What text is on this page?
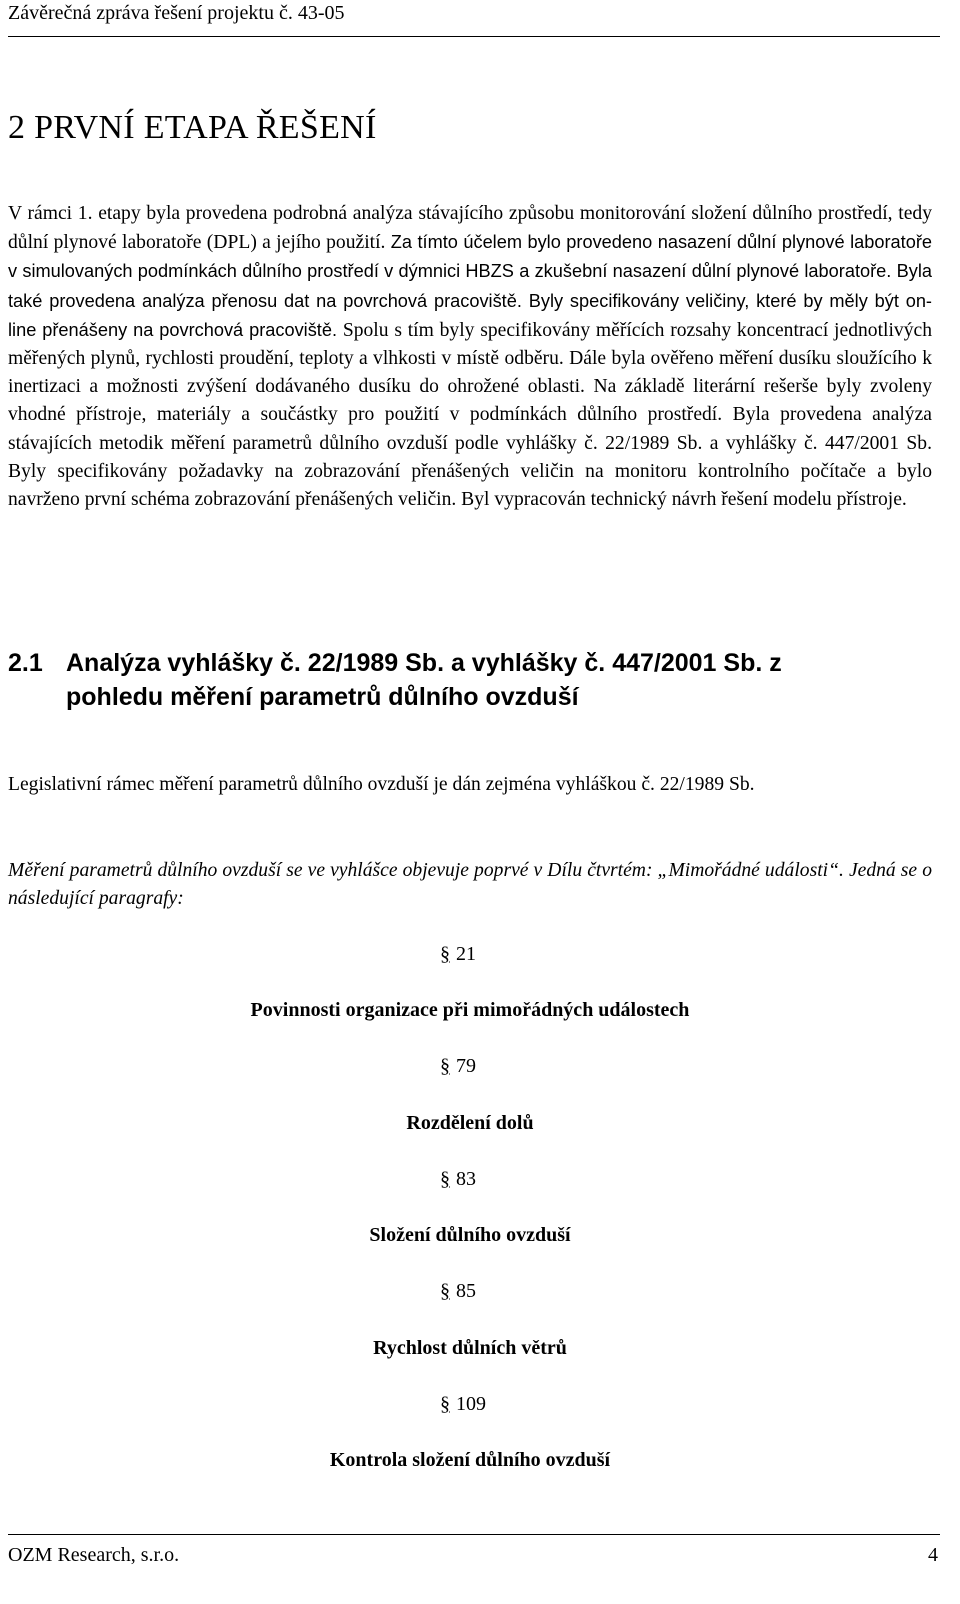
Závěrečná zpráva řešení projektu č. 43-05
2 PRVNÍ ETAPA ŘEŠENÍ

V rámci 1. etapy byla provedena podrobná analýza stávajícího způsobu monitorování složení důlního prostředí, tedy důlní plynové laboratoře (DPL) a jejího použití. Za tímto účelem bylo provedeno nasazení důlní plynové laboratoře v simulovaných podmínkách důlního prostředí v dýmnici HBZS a zkušební nasazení důlní plynové laboratoře. Byla také provedena analýza přenosu dat na povrchová pracoviště. Byly specifikovány veličiny, které by měly být on-line přenášeny na povrchová pracoviště. Spolu s tím byly specifikovány měřících rozsahy koncentrací jednotlivých měřených plynů, rychlosti proudění, teploty a vlhkosti v místě odběru. Dále byla ověřeno měření dusíku sloužícího k inertizaci a možnosti zvýšení dodávaného dusíku do ohrožené oblasti. Na základě literární rešerše byly zvoleny vhodné přístroje, materiály a součástky pro použití v podmínkách důlního prostředí. Byla provedena analýza stávajících metodik měření parametrů důlního ovzduší podle vyhlášky č. 22/1989 Sb. a vyhlášky č. 447/2001 Sb. Byly specifikovány požadavky na zobrazování přenášených veličin na monitoru kontrolního počítače a bylo navrženo první schéma zobrazování přenášených veličin. Byl vypracován technický návrh řešení modelu přístroje.

2.1 Analýza vyhlášky č. 22/1989 Sb. a vyhlášky č. 447/2001 Sb. z
pohledu měření parametrů důlního ovzduší

Legislativní rámec měření parametrů důlního ovzduší je dán zejména vyhláškou č. 22/1989 Sb.

Měření parametrů důlního ovzduší se ve vyhlášce objevuje poprvé v Dílu čtvrtém: „Mimořádné události“. Jedná se o následující paragrafy:

§ 21

Povinnosti organizace při mimořádných událostech

§ 79

Rozdělení dolů

§ 83

Složení důlního ovzduší

§ 85

Rychlost důlních větrů

§ 109

Kontrola složení důlního ovzduší

OZM Research, s.r.o.	4
